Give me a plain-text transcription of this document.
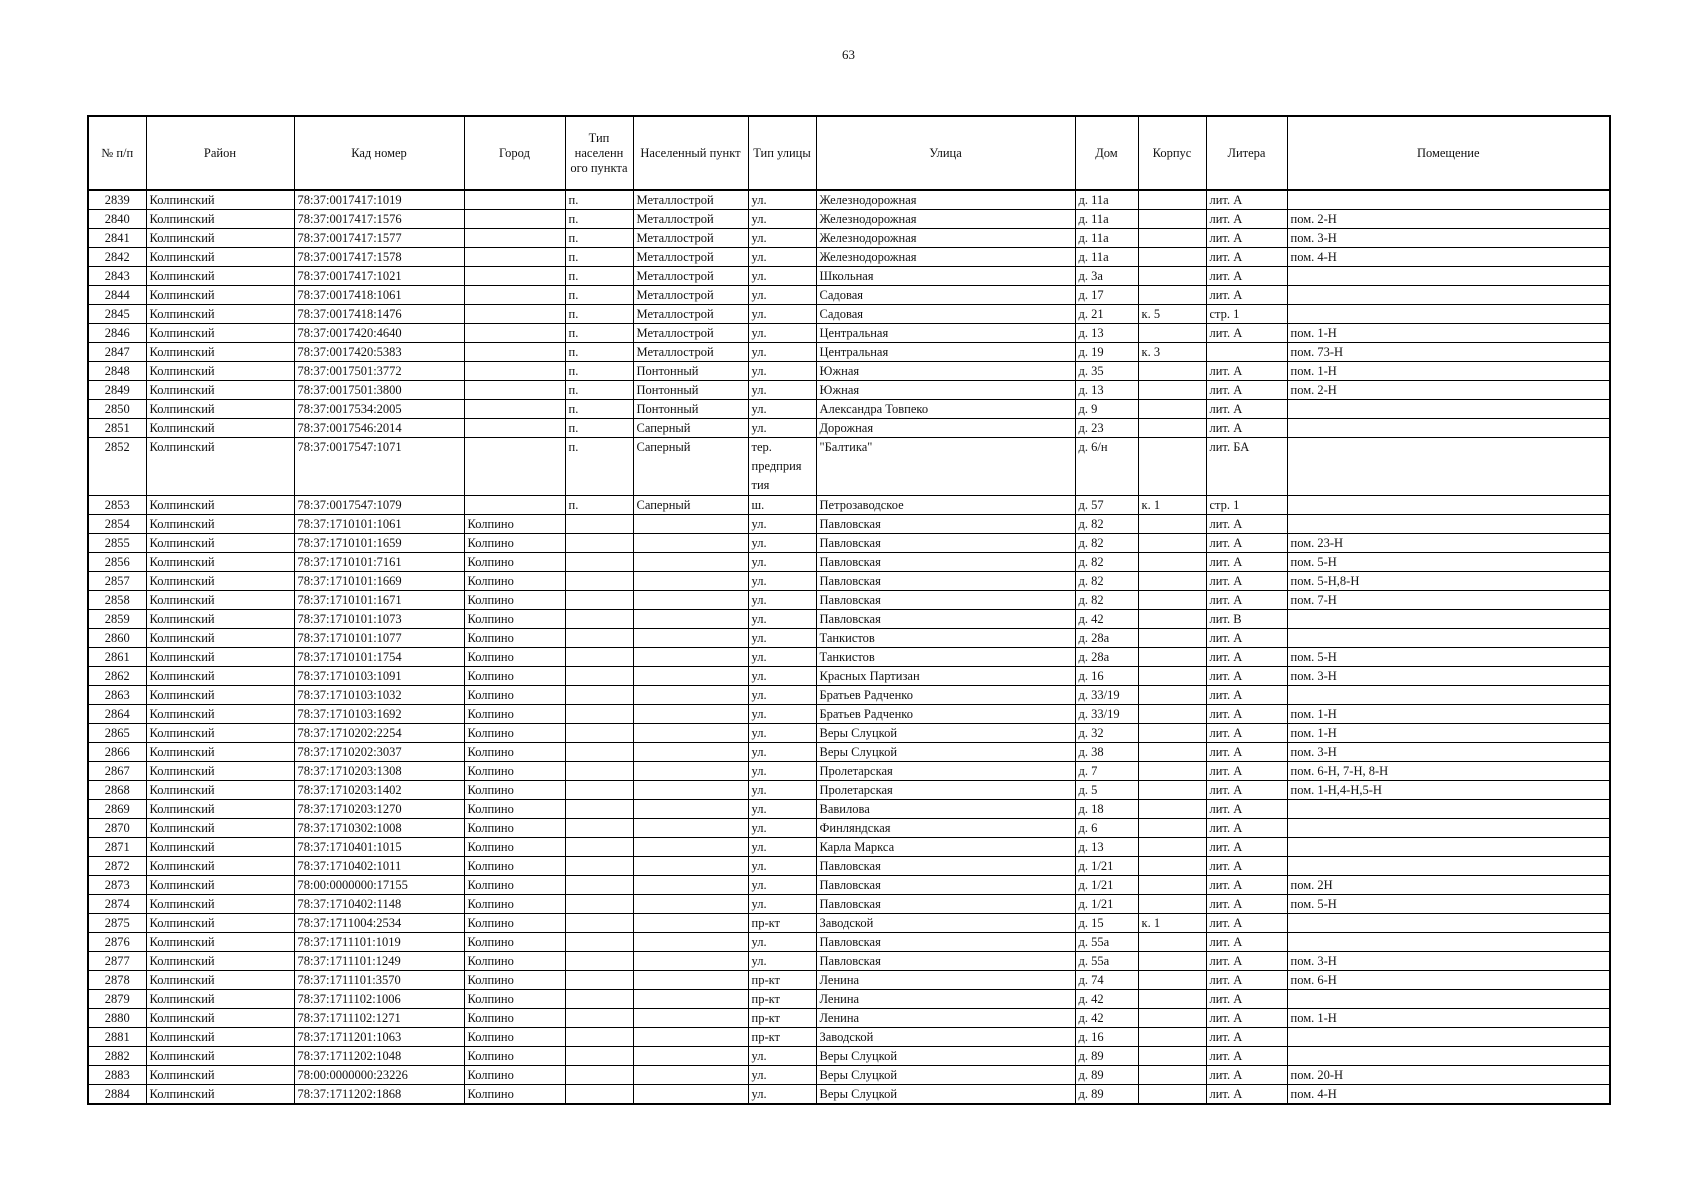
63
№ п/п	Район	Кад номер	Город	Тип населенн ого пункта	Населенный пункт	Тип улицы	Улица	Дом	Корпус	Литера	Помещение
2839	Колпинский	78:37:0017417:1019		п.	Металлострой	ул.	Железнодорожная	д. 11а		лит. А	
2840	Колпинский	78:37:0017417:1576		п.	Металлострой	ул.	Железнодорожная	д. 11а		лит. А	пом. 2-Н
2841	Колпинский	78:37:0017417:1577		п.	Металлострой	ул.	Железнодорожная	д. 11а		лит. А	пом. 3-Н
2842	Колпинский	78:37:0017417:1578		п.	Металлострой	ул.	Железнодорожная	д. 11а		лит. А	пом. 4-Н
2843	Колпинский	78:37:0017417:1021		п.	Металлострой	ул.	Школьная	д. 3а		лит. А	
2844	Колпинский	78:37:0017418:1061		п.	Металлострой	ул.	Садовая	д. 17		лит. А	
2845	Колпинский	78:37:0017418:1476		п.	Металлострой	ул.	Садовая	д. 21	к. 5	стр. 1	
2846	Колпинский	78:37:0017420:4640		п.	Металлострой	ул.	Центральная	д. 13		лит. А	пом. 1-Н
2847	Колпинский	78:37:0017420:5383		п.	Металлострой	ул.	Центральная	д. 19	к. 3		пом. 73-Н
2848	Колпинский	78:37:0017501:3772		п.	Понтонный	ул.	Южная	д. 35		лит. А	пом. 1-Н
2849	Колпинский	78:37:0017501:3800		п.	Понтонный	ул.	Южная	д. 13		лит. А	пом. 2-Н
2850	Колпинский	78:37:0017534:2005		п.	Понтонный	ул.	Александра Товпеко	д. 9		лит. А	
2851	Колпинский	78:37:0017546:2014		п.	Саперный	ул.	Дорожная	д. 23		лит. А	
2852	Колпинский	78:37:0017547:1071		п.	Саперный	тер. предприя тия	"Балтика"	д. 6/н		лит. БА	
2853	Колпинский	78:37:0017547:1079		п.	Саперный	ш.	Петрозаводское	д. 57	к. 1	стр. 1	
2854	Колпинский	78:37:1710101:1061	Колпино			ул.	Павловская	д. 82		лит. А	
2855	Колпинский	78:37:1710101:1659	Колпино			ул.	Павловская	д. 82		лит. А	пом. 23-Н
2856	Колпинский	78:37:1710101:7161	Колпино			ул.	Павловская	д. 82		лит. А	пом. 5-Н
2857	Колпинский	78:37:1710101:1669	Колпино			ул.	Павловская	д. 82		лит. А	пом. 5-Н,8-Н
2858	Колпинский	78:37:1710101:1671	Колпино			ул.	Павловская	д. 82		лит. А	пом. 7-Н
2859	Колпинский	78:37:1710101:1073	Колпино			ул.	Павловская	д. 42		лит. В	
2860	Колпинский	78:37:1710101:1077	Колпино			ул.	Танкистов	д. 28а		лит. А	
2861	Колпинский	78:37:1710101:1754	Колпино			ул.	Танкистов	д. 28а		лит. А	пом. 5-Н
2862	Колпинский	78:37:1710103:1091	Колпино			ул.	Красных Партизан	д. 16		лит. А	пом. 3-Н
2863	Колпинский	78:37:1710103:1032	Колпино			ул.	Братьев Радченко	д. 33/19		лит. А	
2864	Колпинский	78:37:1710103:1692	Колпино			ул.	Братьев Радченко	д. 33/19		лит. А	пом. 1-Н
2865	Колпинский	78:37:1710202:2254	Колпино			ул.	Веры Слуцкой	д. 32		лит. А	пом. 1-Н
2866	Колпинский	78:37:1710202:3037	Колпино			ул.	Веры Слуцкой	д. 38		лит. А	пом. 3-Н
2867	Колпинский	78:37:1710203:1308	Колпино			ул.	Пролетарская	д. 7		лит. А	пом. 6-Н, 7-Н, 8-Н
2868	Колпинский	78:37:1710203:1402	Колпино			ул.	Пролетарская	д. 5		лит. А	пом. 1-Н,4-Н,5-Н
2869	Колпинский	78:37:1710203:1270	Колпино			ул.	Вавилова	д. 18		лит. А	
2870	Колпинский	78:37:1710302:1008	Колпино			ул.	Финляндская	д. 6		лит. А	
2871	Колпинский	78:37:1710401:1015	Колпино			ул.	Карла Маркса	д. 13		лит. А	
2872	Колпинский	78:37:1710402:1011	Колпино			ул.	Павловская	д. 1/21		лит. А	
2873	Колпинский	78:00:0000000:17155	Колпино			ул.	Павловская	д. 1/21		лит. А	пом. 2Н
2874	Колпинский	78:37:1710402:1148	Колпино			ул.	Павловская	д. 1/21		лит. А	пом. 5-Н
2875	Колпинский	78:37:1711004:2534	Колпино			пр-кт	Заводской	д. 15	к. 1	лит. А	
2876	Колпинский	78:37:1711101:1019	Колпино			ул.	Павловская	д. 55а		лит. А	
2877	Колпинский	78:37:1711101:1249	Колпино			ул.	Павловская	д. 55а		лит. А	пом. 3-Н
2878	Колпинский	78:37:1711101:3570	Колпино			пр-кт	Ленина	д. 74		лит. А	пом. 6-Н
2879	Колпинский	78:37:1711102:1006	Колпино			пр-кт	Ленина	д. 42		лит. А	
2880	Колпинский	78:37:1711102:1271	Колпино			пр-кт	Ленина	д. 42		лит. А	пом. 1-Н
2881	Колпинский	78:37:1711201:1063	Колпино			пр-кт	Заводской	д. 16		лит. А	
2882	Колпинский	78:37:1711202:1048	Колпино			ул.	Веры Слуцкой	д. 89		лит. А	
2883	Колпинский	78:00:0000000:23226	Колпино			ул.	Веры Слуцкой	д. 89		лит. А	пом. 20-Н
2884	Колпинский	78:37:1711202:1868	Колпино			ул.	Веры Слуцкой	д. 89		лит. А	пом. 4-Н
